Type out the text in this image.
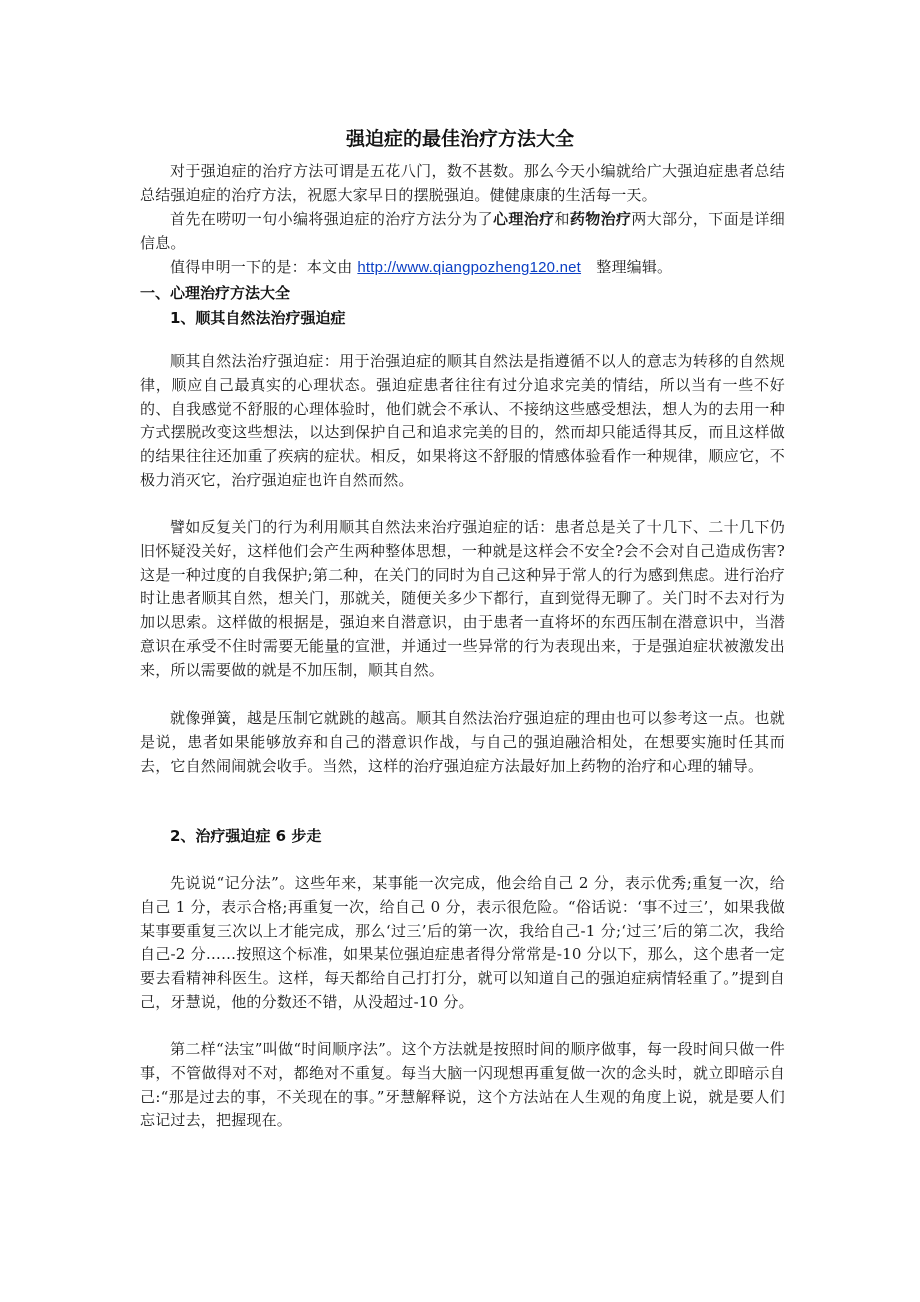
强迫症的最佳治疗方法大全
对于强迫症的治疗方法可谓是五花八门，数不甚数。那么今天小编就给广大强迫症患者总结总结强迫症的治疗方法，祝愿大家早日的摆脱强迫。健健康康的生活每一天。
首先在唠叨一句小编将强迫症的治疗方法分为了心理治疗和药物治疗两大部分，下面是详细信息。
值得申明一下的是：本文由 http://www.qiangpozheng120.net　整理编辑。
一、心理治疗方法大全
1、顺其自然法治疗强迫症
顺其自然法治疗强迫症：用于治强迫症的顺其自然法是指遵循不以人的意志为转移的自然规律，顺应自己最真实的心理状态。强迫症患者往往有过分追求完美的情结，所以当有一些不好的、自我感觉不舒服的心理体验时，他们就会不承认、不接纳这些感受想法，想人为的去用一种方式摆脱改变这些想法，以达到保护自己和追求完美的目的，然而却只能适得其反，而且这样做的结果往往还加重了疾病的症状。相反，如果将这不舒服的情感体验看作一种规律，顺应它，不极力消灭它，治疗强迫症也许自然而然。
譬如反复关门的行为利用顺其自然法来治疗强迫症的话：患者总是关了十几下、二十几下仍旧怀疑没关好，这样他们会产生两种整体思想，一种就是这样会不安全?会不会对自己造成伤害?这是一种过度的自我保护;第二种，在关门的同时为自己这种异于常人的行为感到焦虑。进行治疗时让患者顺其自然，想关门，那就关，随便关多少下都行，直到觉得无聊了。关门时不去对行为加以思索。这样做的根据是，强迫来自潜意识，由于患者一直将坏的东西压制在潜意识中，当潜意识在承受不住时需要无能量的宣泄，并通过一些异常的行为表现出来，于是强迫症状被激发出来，所以需要做的就是不加压制，顺其自然。
就像弹簧，越是压制它就跳的越高。顺其自然法治疗强迫症的理由也可以参考这一点。也就是说，患者如果能够放弃和自己的潜意识作战，与自己的强迫融洽相处，在想要实施时任其而去，它自然闹闹就会收手。当然，这样的治疗强迫症方法最好加上药物的治疗和心理的辅导。
2、治疗强迫症 6 步走
先说说“记分法”。这些年来，某事能一次完成，他会给自己 2 分，表示优秀;重复一次，给自己 1 分，表示合格;再重复一次，给自己 0 分，表示很危险。“俗话说：‘事不过三’，如果我做某事要重复三次以上才能完成，那么‘过三’后的第一次，我给自己-1 分;‘过三’后的第二次，我给自己-2 分……按照这个标准，如果某位强迫症患者得分常常是-10 分以下，那么，这个患者一定要去看精神科医生。这样，每天都给自己打打分，就可以知道自己的强迫症病情轻重了。”提到自己，牙慧说，他的分数还不错，从没超过-10 分。
第二样“法宝”叫做“时间顺序法”。这个方法就是按照时间的顺序做事，每一段时间只做一件事，不管做得对不对，都绝对不重复。每当大脑一闪现想再重复做一次的念头时，就立即暗示自己:“那是过去的事，不关现在的事。”牙慧解释说，这个方法站在人生观的角度上说，就是要人们忘记过去，把握现在。
